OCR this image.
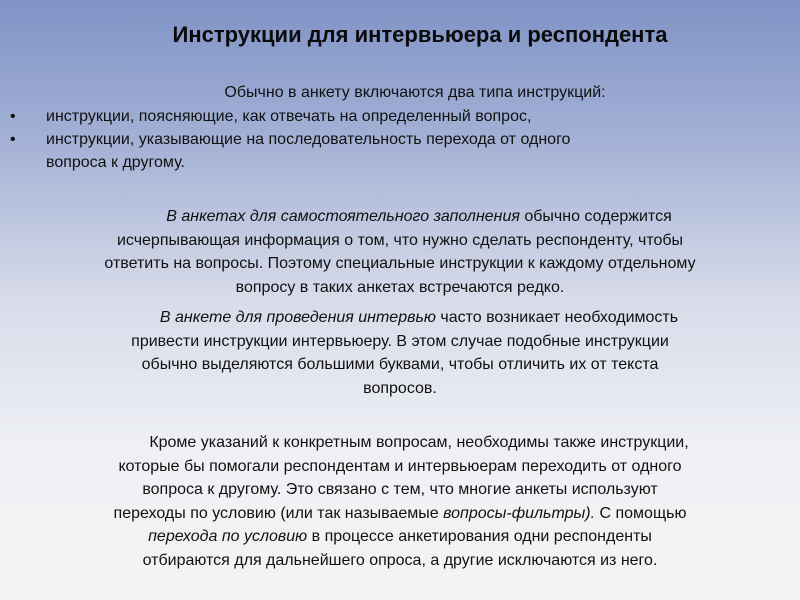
Инструкции для интервьюера и респондента
Обычно в анкету включаются два типа инструкций:
• инструкции, поясняющие, как отвечать на определенный вопрос,
• инструкции, указывающие на последовательность перехода от одного
вопроса к другому.
В анкетах для самостоятельного заполнения обычно содержится
исчерпывающая информация о том, что нужно сделать респонденту, чтобы
ответить на вопросы. Поэтому специальные инструкции к каждому отдельному
вопросу в таких анкетах встречаются редко.
В анкете для проведения интервью часто возникает необходимость
привести инструкции интервьюеру. В этом случае подобные инструкции
обычно выделяются большими буквами, чтобы отличить их от текста
вопросов.
Кроме указаний к конкретным вопросам, необходимы также инструкции,
которые бы помогали респондентам и интервьюерам переходить от одного
вопроса к другому. Это связано с тем, что многие анкеты используют
переходы по условию (или так называемые вопросы-фильтры). С помощью
перехода по условию в процессе анкетирования одни респонденты
отбираются для дальнейшего опроса, а другие исключаются из него.
